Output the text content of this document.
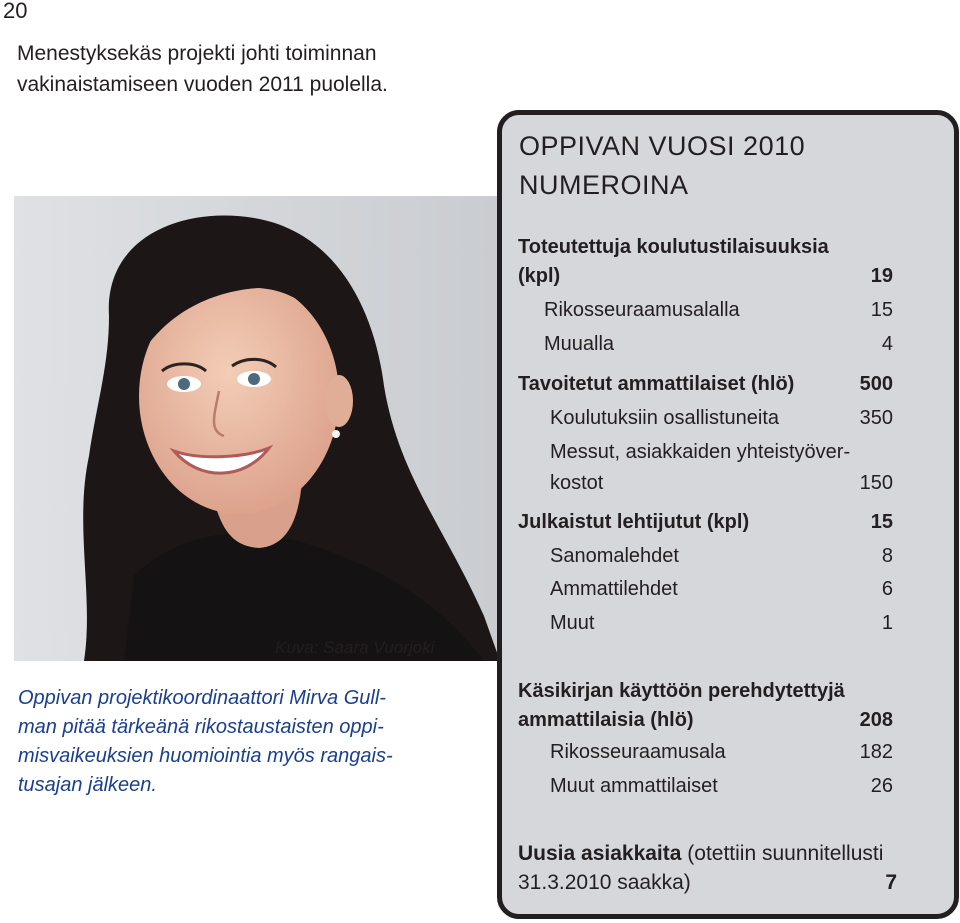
20
Menestyksekäs projekti johti toiminnan
vakinaistamiseen vuoden 2011 puolella.
Kuva: Saara Vuorjoki
Oppivan projektikoordinaattori Mirva Gull-
man pitää tärkeänä rikostaustaisten oppi-
misvaikeuksien huomiointia myös rangais-
tusajan jälkeen.
OPPIVAN VUOSI 2010
NUMEROINA
Toteutettuja koulutustilaisuuksia
(kpl)	19
Rikosseuraamusalalla	15
Muualla	4
Tavoitetut ammattilaiset (hlö)	500
Koulutuksiin osallistuneita	350
Messut, asiakkaiden yhteistyöver-
kostot	150
Julkaistut lehtijutut (kpl)	15
Sanomalehdet	8
Ammattilehdet	6
Muut	1
Käsikirjan käyttöön perehdytettyjä
ammattilaisia (hlö)	208
Rikosseuraamusala	182
Muut ammattilaiset	26
Uusia asiakkaita (otettiin suunnitellusti
31.3.2010 saakka)	7
